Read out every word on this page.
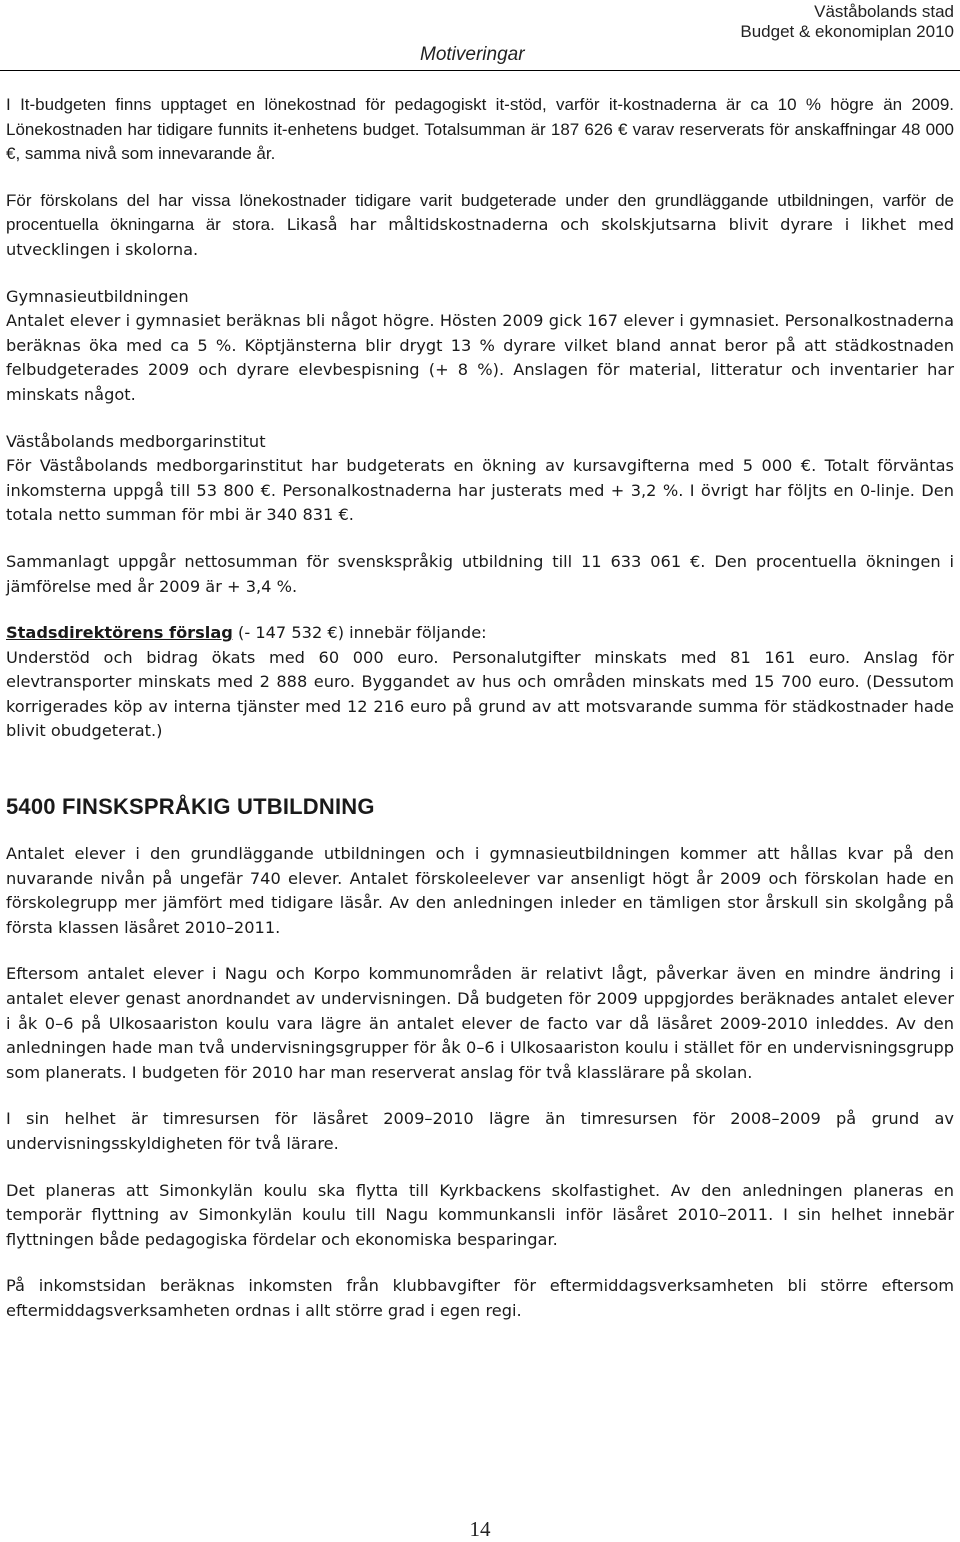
Väståbolands stad
Budget & ekonomiplan 2010
Motiveringar

I It-budgeten finns upptaget en lönekostnad för pedagogiskt it-stöd, varför it-kostnaderna är ca 10 % högre än 2009. Lönekostnaden har tidigare funnits it-enhetens budget. Totalsumman är 187 626 € varav reserverats för anskaffningar 48 000 €, samma nivå som innevarande år.

För förskolans del har vissa lönekostnader tidigare varit budgeterade under den grundläggande utbildningen, varför de procentuella ökningarna är stora. Likaså har måltidskostnaderna och skolskjutsarna blivit dyrare i likhet med utvecklingen i skolorna.

Gymnasieutbildningen

Antalet elever i gymnasiet beräknas bli något högre. Hösten 2009 gick 167 elever i gymnasiet. Personalkostnaderna beräknas öka med ca 5 %. Köptjänsterna blir drygt 13 % dyrare vilket bland annat beror på att städkostnaden felbudgeterades 2009 och dyrare elevbespisning (+ 8 %). Anslagen för material, litteratur och inventarier har minskats något.

Väståbolands medborgarinstitut

För Väståbolands medborgarinstitut har budgeterats en ökning av kursavgifterna med 5 000 €. Totalt förväntas inkomsterna uppgå till 53 800 €. Personalkostnaderna har justerats med + 3,2 %. I övrigt har följts en 0-linje. Den totala netto summan för mbi är 340 831 €.

Sammanlagt uppgår nettosumman för svenskspråkig utbildning till 11 633 061 €. Den procentuella ökningen i jämförelse med år 2009 är + 3,4 %.

Stadsdirektörens förslag (- 147 532 €) innebär följande:

Understöd och bidrag ökats med 60 000 euro. Personalutgifter minskats med 81 161 euro. Anslag för elevtransporter minskats med 2 888 euro. Byggandet av hus och områden minskats med 15 700 euro. (Dessutom korrigerades köp av interna tjänster med 12 216 euro på grund av att motsvarande summa för städkostnader hade blivit obudgeterat.)

5400 FINSKSPRÅKIG UTBILDNING

Antalet elever i den grundläggande utbildningen och i gymnasieutbildningen kommer att hållas kvar på den nuvarande nivån på ungefär 740 elever. Antalet förskoleelever var ansenligt högt år 2009 och förskolan hade en förskolegrupp mer jämfört med tidigare läsår. Av den anledningen inleder en tämligen stor årskull sin skolgång på första klassen läsåret 2010–2011.

Eftersom antalet elever i Nagu och Korpo kommunområden är relativt lågt, påverkar även en mindre ändring i antalet elever genast anordnandet av undervisningen. Då budgeten för 2009 uppgjordes beräknades antalet elever i åk 0–6 på Ulkosaariston koulu vara lägre än antalet elever de facto var då läsåret 2009-2010 inleddes. Av den anledningen hade man två undervisningsgrupper för åk 0–6 i Ulkosaariston koulu i stället för en undervisningsgrupp som planerats. I budgeten för 2010 har man reserverat anslag för två klasslärare på skolan.

I sin helhet är timresursen för läsåret 2009–2010 lägre än timresursen för 2008–2009 på grund av undervisningsskyldigheten för två lärare.

Det planeras att Simonkylän koulu ska flytta till Kyrkbackens skolfastighet. Av den anledningen planeras en temporär flyttning av Simonkylän koulu till Nagu kommunkansli inför läsåret 2010–2011. I sin helhet innebär flyttningen både pedagogiska fördelar och ekonomiska besparingar.

På inkomstsidan beräknas inkomsten från klubbavgifter för eftermiddagsverksamheten bli större eftersom eftermiddagsverksamheten ordnas i allt större grad i egen regi.

14
